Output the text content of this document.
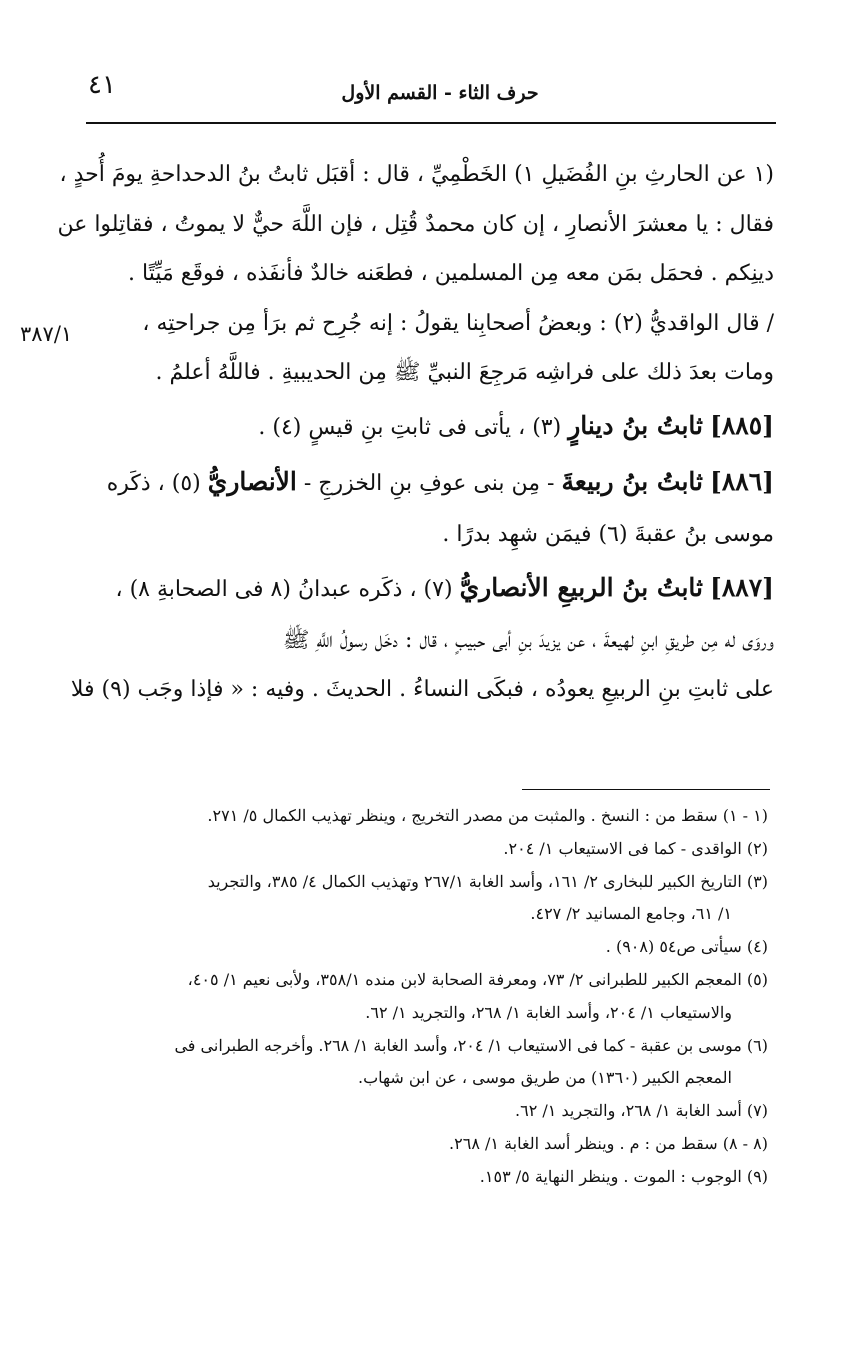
٤١	حرف الثاء - القسم الأول
٣٨٧/١
(١ عن الحارثِ بنِ الفُضَيلِ ١) الخَطْمِيِّ ، قال : أقبَل ثابتُ بنُ الدحداحةِ يومَ أُحدٍ ،
فقال : يا معشرَ الأنصارِ ، إن كان محمدٌ قُتِل ، فإن اللَّهَ حيٌّ لا يموتُ ، فقاتِلوا عن
دينِكم . فحمَل بمَن معه مِن المسلمين ، فطعَنه خالدٌ فأنفَذه ، فوقَع مَيِّتًا .
/ قال الواقديُّ (٢) : وبعضُ أصحابِنا يقولُ : إنه جُرِح ثم برَأ مِن جراحتِه ،
ومات بعدَ ذلك على فراشِه مَرجِعَ النبيِّ ﷺ مِن الحديبيةِ . فاللَّهُ أعلمُ .
[٨٨٥] ثابتُ بنُ دينارٍ (٣) ، يأتى فى ثابتِ بنِ قيسٍ (٤) .
[٨٨٦] ثابتُ بنُ ربيعةَ - مِن بنى عوفِ بنِ الخزرجِ - الأنصاريُّ (٥) ، ذكَره
موسى بنُ عقبةَ (٦) فيمَن شهِد بدرًا .
[٨٨٧] ثابتُ بنُ الربيعِ الأنصاريُّ (٧) ، ذكَره عبدانُ (٨ فى الصحابةِ ٨) ،
وروَى له مِن طريقِ ابنِ لهيعةَ ، عن يزيدَ بنِ أبى حبيبٍ ، قال : دخَل رسولُ اللَّهِ ﷺ
على ثابتِ بنِ الربيعِ يعودُه ، فبكَى النساءُ . الحديثَ . وفيه : « فإذا وجَب (٩) فلا
(١ - ١) سقط من : النسخ . والمثبت من مصدر التخريج ، وينظر تهذيب الكمال ٥/ ٢٧١.
(٢) الواقدى - كما فى الاستيعاب ١/ ٢٠٤.
(٣) التاريخ الكبير للبخارى ٢/ ١٦١، وأسد الغابة ٢٦٧/١ وتهذيب الكمال ٤/ ٣٨٥، والتجريد
١/ ٦١، وجامع المسانيد ٢/ ٤٢٧.
(٤) سيأتى ص٥٤ (٩٠٨) .
(٥) المعجم الكبير للطبرانى ٢/ ٧٣، ومعرفة الصحابة لابن منده ٣٥٨/١، ولأبى نعيم ١/ ٤٠٥،
والاستيعاب ١/ ٢٠٤، وأسد الغابة ١/ ٢٦٨، والتجريد ١/ ٦٢.
(٦) موسى بن عقبة - كما فى الاستيعاب ١/ ٢٠٤، وأسد الغابة ١/ ٢٦٨. وأخرجه الطبرانى فى
المعجم الكبير (١٣٦٠) من طريق موسى ، عن ابن شهاب.
(٧) أسد الغابة ١/ ٢٦٨، والتجريد ١/ ٦٢.
(٨ - ٨) سقط من : م . وينظر أسد الغابة ١/ ٢٦٨.
(٩) الوجوب : الموت . وينظر النهاية ٥/ ١٥٣.
